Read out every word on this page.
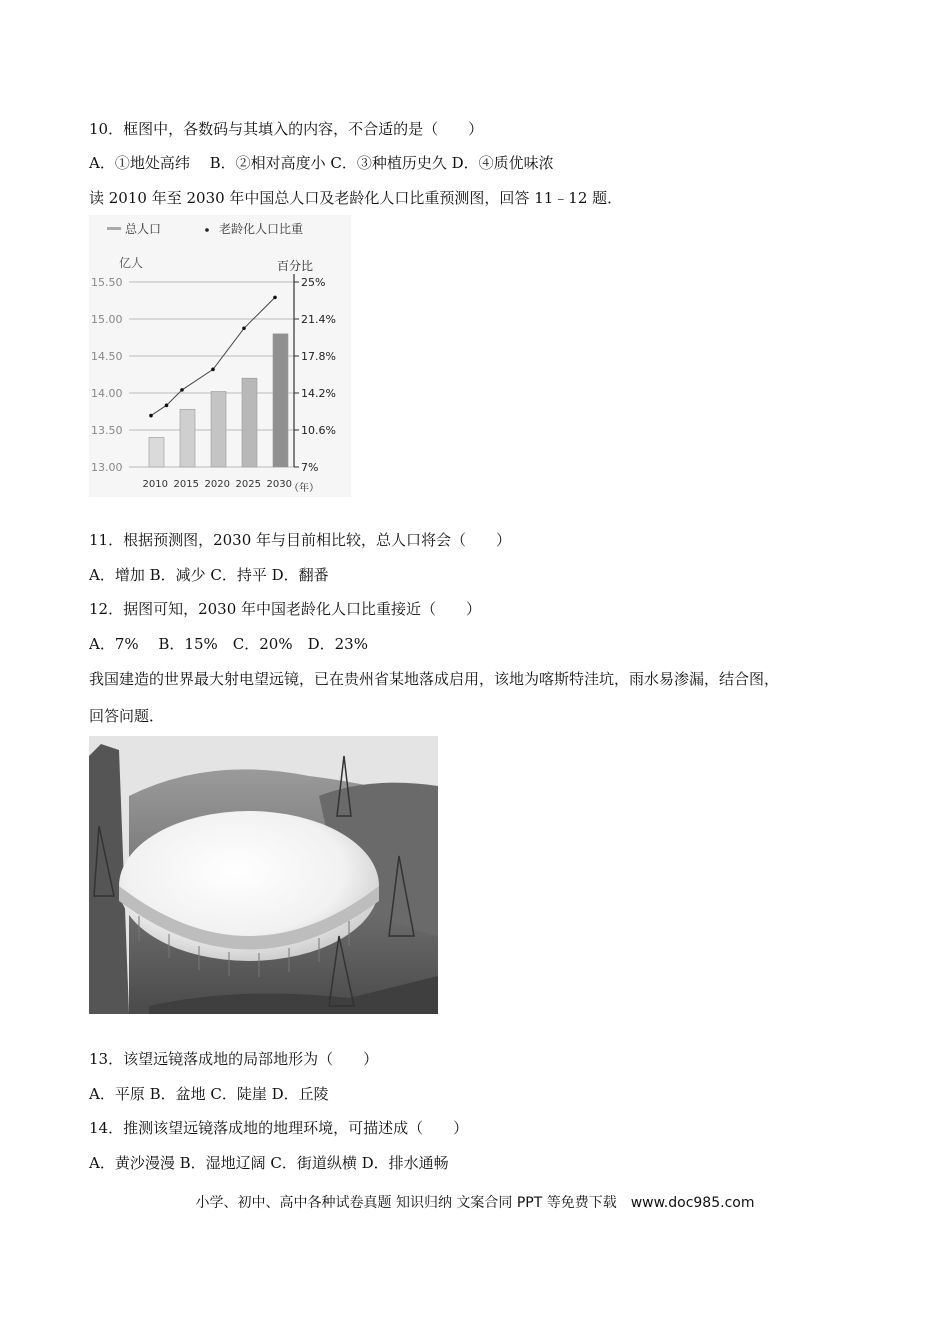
10．框图中，各数码与其填入的内容，不合适的是（　　）
A．①地处高纬　 B．②相对高度小 C．③种植历史久 D．④质优味浓
读 2010 年至 2030 年中国总人口及老龄化人口比重预测图，回答 11﹣12 题．
总人口	老龄化人口比重
亿人	百分比
15.50	25%
15.00	21.4%
14.50	17.8%
14.00	14.2%
13.50	10.6%
13.00	7%
2010 2015 2020 2025 2030
（年）
11．根据预测图，2030 年与目前相比较，总人口将会（　　）
A．增加 B．减少 C．持平 D．翻番
12．据图可知，2030 年中国老龄化人口比重接近（　　）
A．7%　 B．15%　C．20%　D．23%
我国建造的世界最大射电望远镜，已在贵州省某地落成启用，该地为喀斯特洼坑，雨水易渗漏，结合图，
回答问题．
13．该望远镜落成地的局部地形为（　　）
A．平原 B．盆地 C．陡崖 D．丘陵
14．推测该望远镜落成地的地理环境，可描述成（　　）
A．黄沙漫漫 B．湿地辽阔 C．街道纵横 D．排水通畅
小学、初中、高中各种试卷真题 知识归纳 文案合同 PPT 等免费下载　www.doc985.com
